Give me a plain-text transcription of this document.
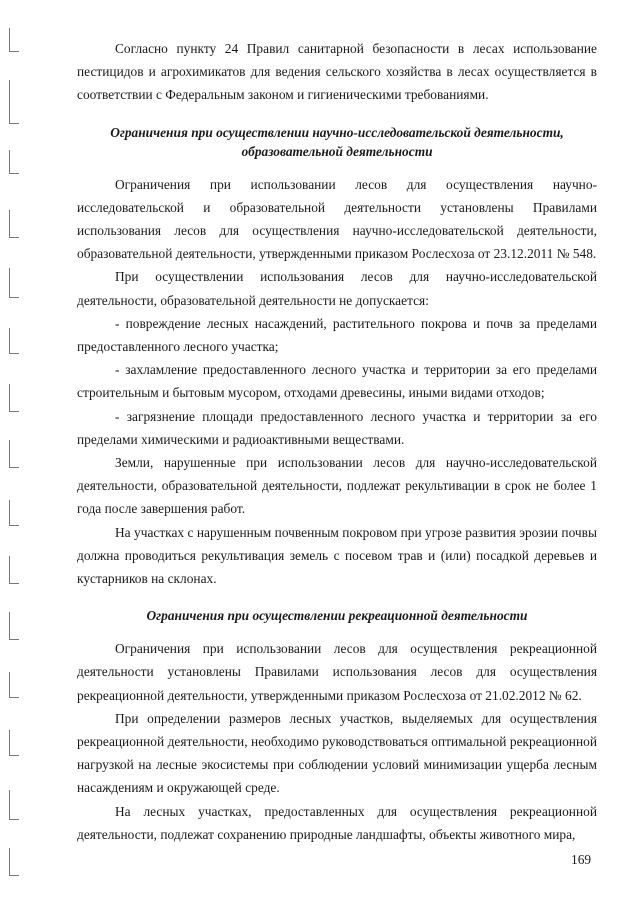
Согласно пункту 24 Правил санитарной безопасности в лесах использование пестицидов и агрохимикатов для ведения сельского хозяйства в лесах осуществляется в соответствии с Федеральным законом и гигиеническими требованиями.

Ограничения при осуществлении научно-исследовательской деятельности,
образовательной деятельности

Ограничения при использовании лесов для осуществления научно-исследовательской и образовательной деятельности установлены Правилами использования лесов для осуществления научно-исследовательской деятельности, образовательной деятельности, утвержденными приказом Рослесхоза от 23.12.2011 № 548.

При осуществлении использования лесов для научно-исследовательской деятельности, образовательной деятельности не допускается:

- повреждение лесных насаждений, растительного покрова и почв за пределами предоставленного лесного участка;

- захламление предоставленного лесного участка и территории за его пределами строительным и бытовым мусором, отходами древесины, иными видами отходов;

- загрязнение площади предоставленного лесного участка и территории за его пределами химическими и радиоактивными веществами.

Земли, нарушенные при использовании лесов для научно-исследовательской деятельности, образовательной деятельности, подлежат рекультивации в срок не более 1 года после завершения работ.

На участках с нарушенным почвенным покровом при угрозе развития эрозии почвы должна проводиться рекультивация земель с посевом трав и (или) посадкой деревьев и кустарников на склонах.

Ограничения при осуществлении рекреационной деятельности

Ограничения при использовании лесов для осуществления рекреационной деятельности установлены Правилами использования лесов для осуществления рекреационной деятельности, утвержденными приказом Рослесхоза от 21.02.2012 № 62.

При определении размеров лесных участков, выделяемых для осуществления рекреационной деятельности, необходимо руководствоваться оптимальной рекреационной нагрузкой на лесные экосистемы при соблюдении условий минимизации ущерба лесным насаждениям и окружающей среде.

На лесных участках, предоставленных для осуществления рекреационной деятельности, подлежат сохранению природные ландшафты, объекты животного мира,

169
